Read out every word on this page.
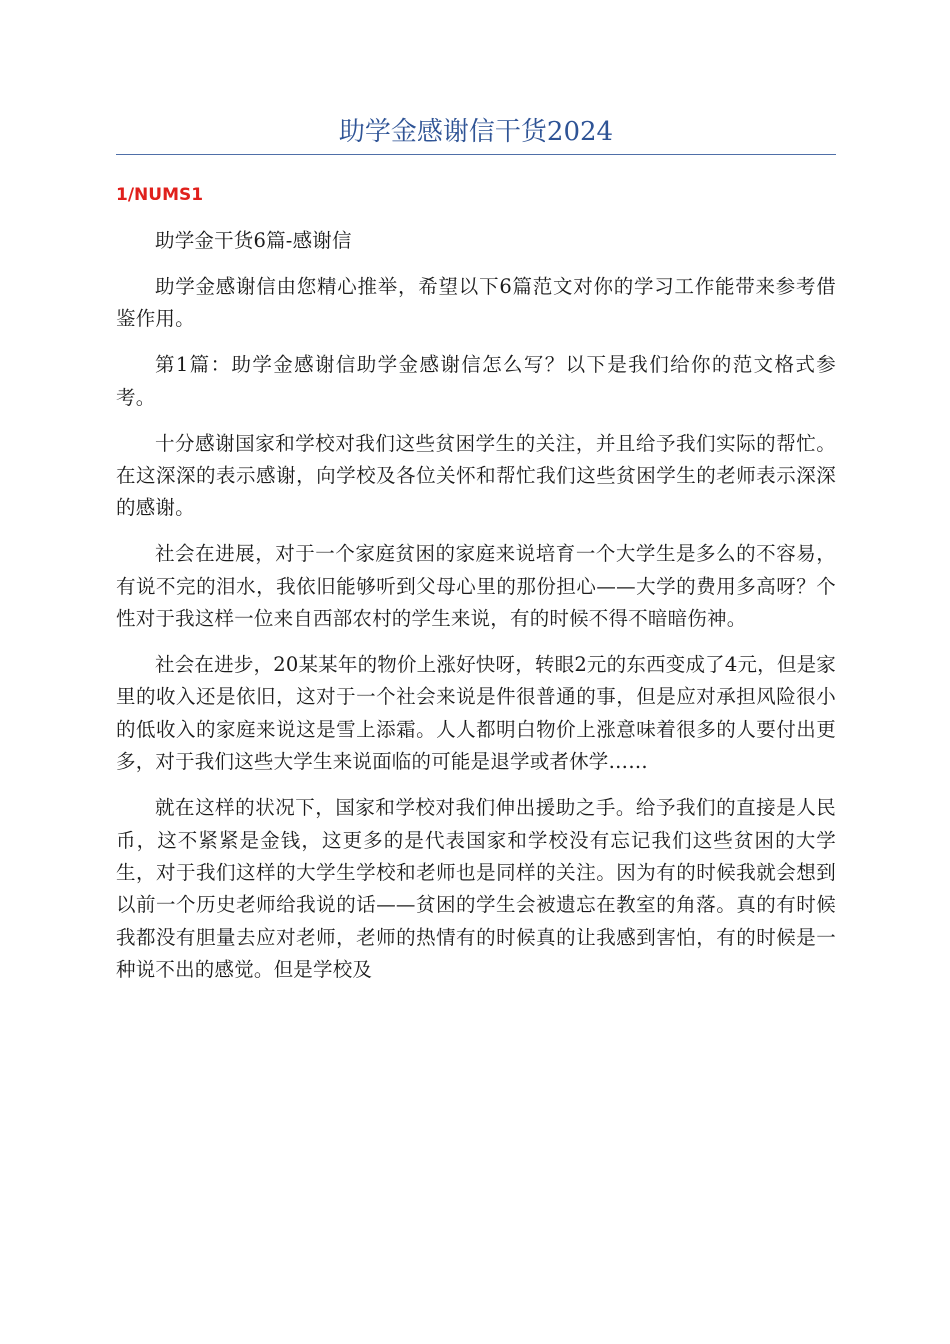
助学金感谢信干货2024
1/NUMS1

助学金干货6篇-感谢信

助学金感谢信由您精心推举，希望以下6篇范文对你的学习工作能带来参考借鉴作用。

第1篇：助学金感谢信助学金感谢信怎么写？以下是我们给你的范文格式参考。

十分感谢国家和学校对我们这些贫困学生的关注，并且给予我们实际的帮忙。在这深深的表示感谢，向学校及各位关怀和帮忙我们这些贫困学生的老师表示深深的感谢。

社会在进展，对于一个家庭贫困的家庭来说培育一个大学生是多么的不容易，有说不完的泪水，我依旧能够听到父母心里的那份担心——大学的费用多高呀？个性对于我这样一位来自西部农村的学生来说，有的时候不得不暗暗伤神。

社会在进步，20某某年的物价上涨好快呀，转眼2元的东西变成了4元，但是家里的收入还是依旧，这对于一个社会来说是件很普通的事，但是应对承担风险很小的低收入的家庭来说这是雪上添霜。人人都明白物价上涨意味着很多的人要付出更多，对于我们这些大学生来说面临的可能是退学或者休学……

就在这样的状况下，国家和学校对我们伸出援助之手。给予我们的直接是人民币，这不紧紧是金钱，这更多的是代表国家和学校没有忘记我们这些贫困的大学生，对于我们这样的大学生学校和老师也是同样的关注。因为有的时候我就会想到以前一个历史老师给我说的话——贫困的学生会被遗忘在教室的角落。真的有时候我都没有胆量去应对老师，老师的热情有的时候真的让我感到害怕，有的时候是一种说不出的感觉。但是学校及
